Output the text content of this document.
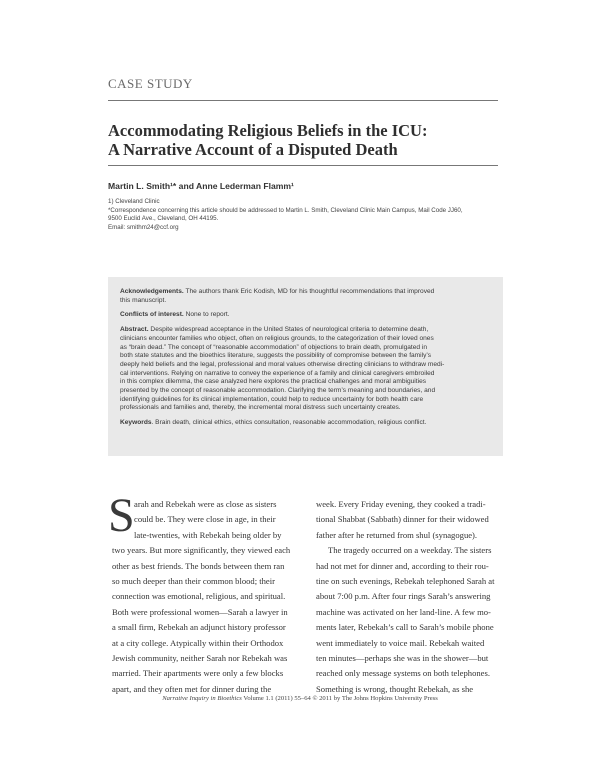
CASE STUDY
Accommodating Religious Beliefs in the ICU:
A Narrative Account of a Disputed Death
Martin L. Smith¹* and Anne Lederman Flamm¹
1) Cleveland Clinic
*Correspondence concerning this article should be addressed to Martin L. Smith, Cleveland Clinic Main Campus, Mail Code JJ60,
9500 Euclid Ave., Cleveland, OH 44195.
Email: smithm24@ccf.org
Acknowledgements. The authors thank Eric Kodish, MD for his thoughtful recommendations that improved
this manuscript.
Conflicts of interest. None to report.
Abstract. Despite widespread acceptance in the United States of neurological criteria to determine death,
clinicians encounter families who object, often on religious grounds, to the categorization of their loved ones
as “brain dead.” The concept of “reasonable accommodation” of objections to brain death, promulgated in
both state statutes and the bioethics literature, suggests the possibility of compromise between the family’s
deeply held beliefs and the legal, professional and moral values otherwise directing clinicians to withdraw medi-
cal interventions. Relying on narrative to convey the experience of a family and clinical caregivers embroiled
in this complex dilemma, the case analyzed here explores the practical challenges and moral ambiguities
presented by the concept of reasonable accommodation. Clarifying the term’s meaning and boundaries, and
identifying guidelines for its clinical implementation, could help to reduce uncertainty for both health care
professionals and families and, thereby, the incremental moral distress such uncertainty creates.
Keywords. Brain death, clinical ethics, ethics consultation, reasonable accommodation, religious conflict.
S arah and Rebekah were as close as sisters
could be. They were close in age, in their
late-twenties, with Rebekah being older by
two years. But more significantly, they viewed each
other as best friends. The bonds between them ran
so much deeper than their common blood; their
connection was emotional, religious, and spiritual.
Both were professional women—Sarah a lawyer in
a small firm, Rebekah an adjunct history professor
at a city college. Atypically within their Orthodox
Jewish community, neither Sarah nor Rebekah was
married. Their apartments were only a few blocks
apart, and they often met for dinner during the
week. Every Friday evening, they cooked a tradi-
tional Shabbat (Sabbath) dinner for their widowed
father after he returned from shul (synagogue).
The tragedy occurred on a weekday. The sisters
had not met for dinner and, according to their rou-
tine on such evenings, Rebekah telephoned Sarah at
about 7:00 p.m. After four rings Sarah’s answering
machine was activated on her land-line. A few mo-
ments later, Rebekah’s call to Sarah’s mobile phone
went immediately to voice mail. Rebekah waited
ten minutes—perhaps she was in the shower—but
reached only message systems on both telephones.
Something is wrong, thought Rebekah, as she
Narrative Inquiry in Bioethics Volume 1.1 (2011) 55–64 © 2011 by The Johns Hopkins University Press
